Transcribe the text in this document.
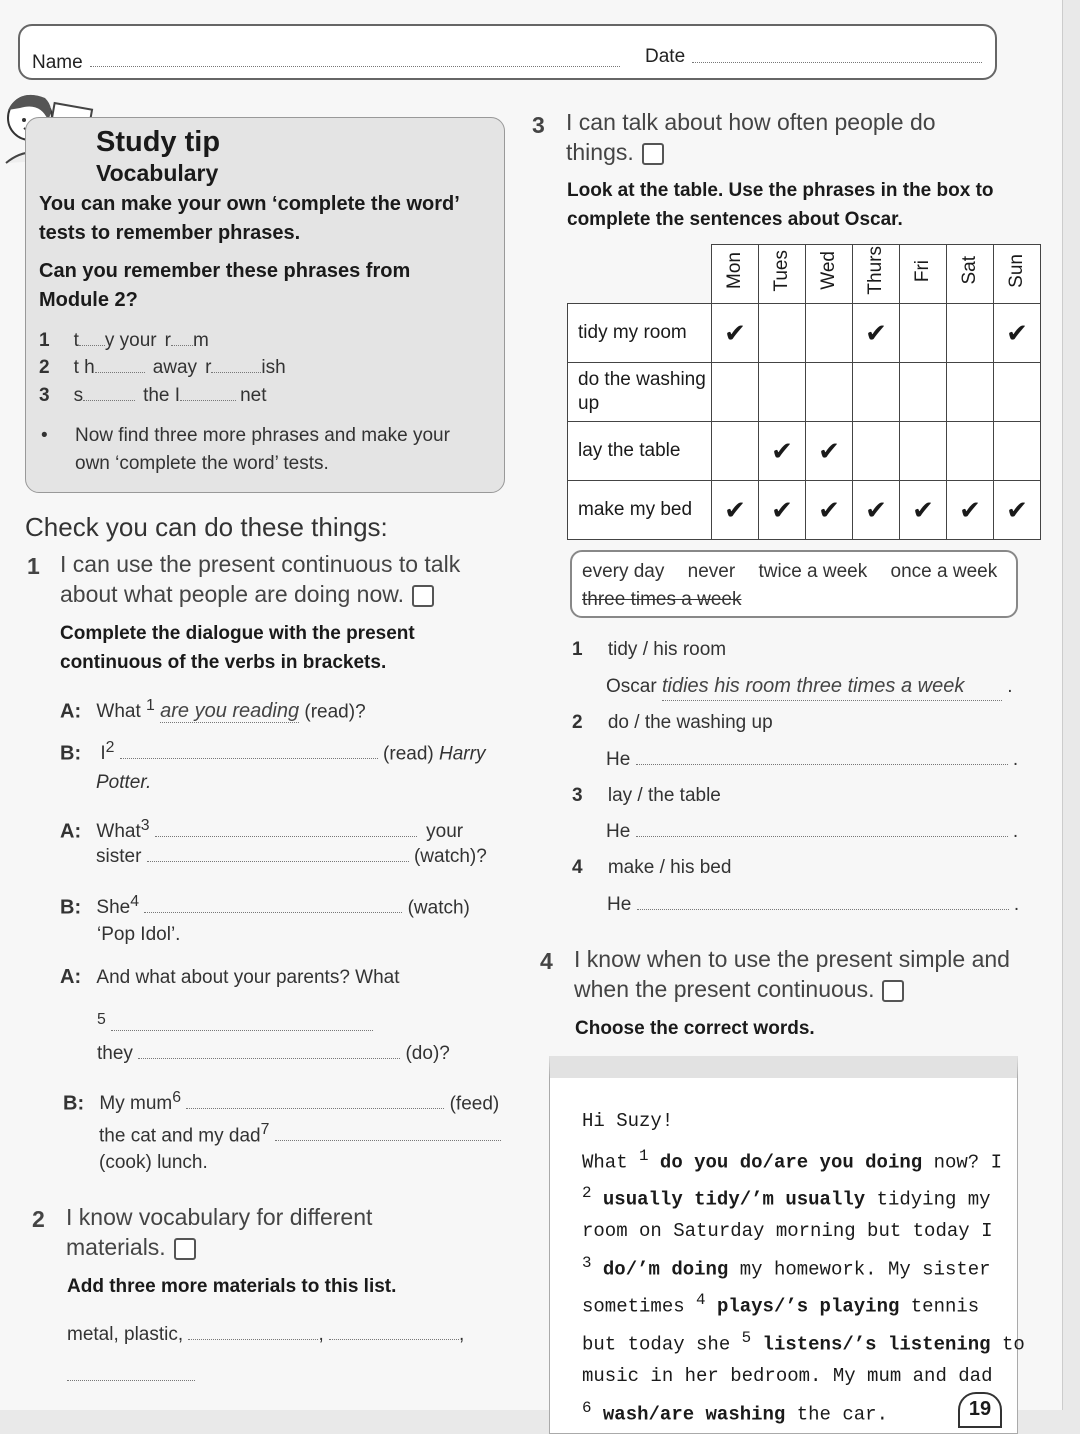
Name	Date
Study tip
Vocabulary
You can make your own ‘complete the word’ tests to remember phrases.
Can you remember these phrases from Module 2?
1 t y your r m
2 t h	away r	ish
3 s	the I	net
• Now find three more phrases and make your own ‘complete the word’ tests.
Check you can do these things:
1 I can use the present continuous to talk about what people are doing now.
Complete the dialogue with the present continuous of the verbs in brackets.
A: What $^1$ are you reading (read)?
B: $I^2$	(read) Harry
Potter.
A: What$^3$	your
sister	(watch)?
B: She$^4$	(watch)
‘Pop Idol’.
A: And what about your parents? What
$^5$
they	(do)?
B: My mum$^6$	(feed)
the cat and my dad$^7$
(cook) lunch.
2 I know vocabulary for different materials.
Add three more materials to this list.
metal, plastic,	,	,
3 I can talk about how often people do things.
Look at the table. Use the phrases in the box to complete the sentences about Oscar.
	Mon	Tues	Wed	Thurs	Fri	Sat	Sun
tidy my room	✔			✔			✔
do the washing up							
lay the table		✔	✔				
make my bed	✔	✔	✔	✔	✔	✔	✔
every day never twice a week once a week
three times a week
1 tidy / his room
Oscar tidies his room three times a week .
2 do / the washing up
He	.
3 lay / the table
He	.
4 make / his bed
He	.
4 I know when to use the present simple and when the present continuous.
Choose the correct words.
Hi Suzy!
What $^1$ do you do/are you doing now? I
$^2$ usually tidy/’m usually tidying my
room on Saturday morning but today I
$^3$ do/’m doing my homework. My sister
sometimes $^4$ plays/’s playing tennis
but today she $^5$ listens/’s listening to
music in her bedroom. My mum and dad
$^6$ wash/are washing the car.	19
